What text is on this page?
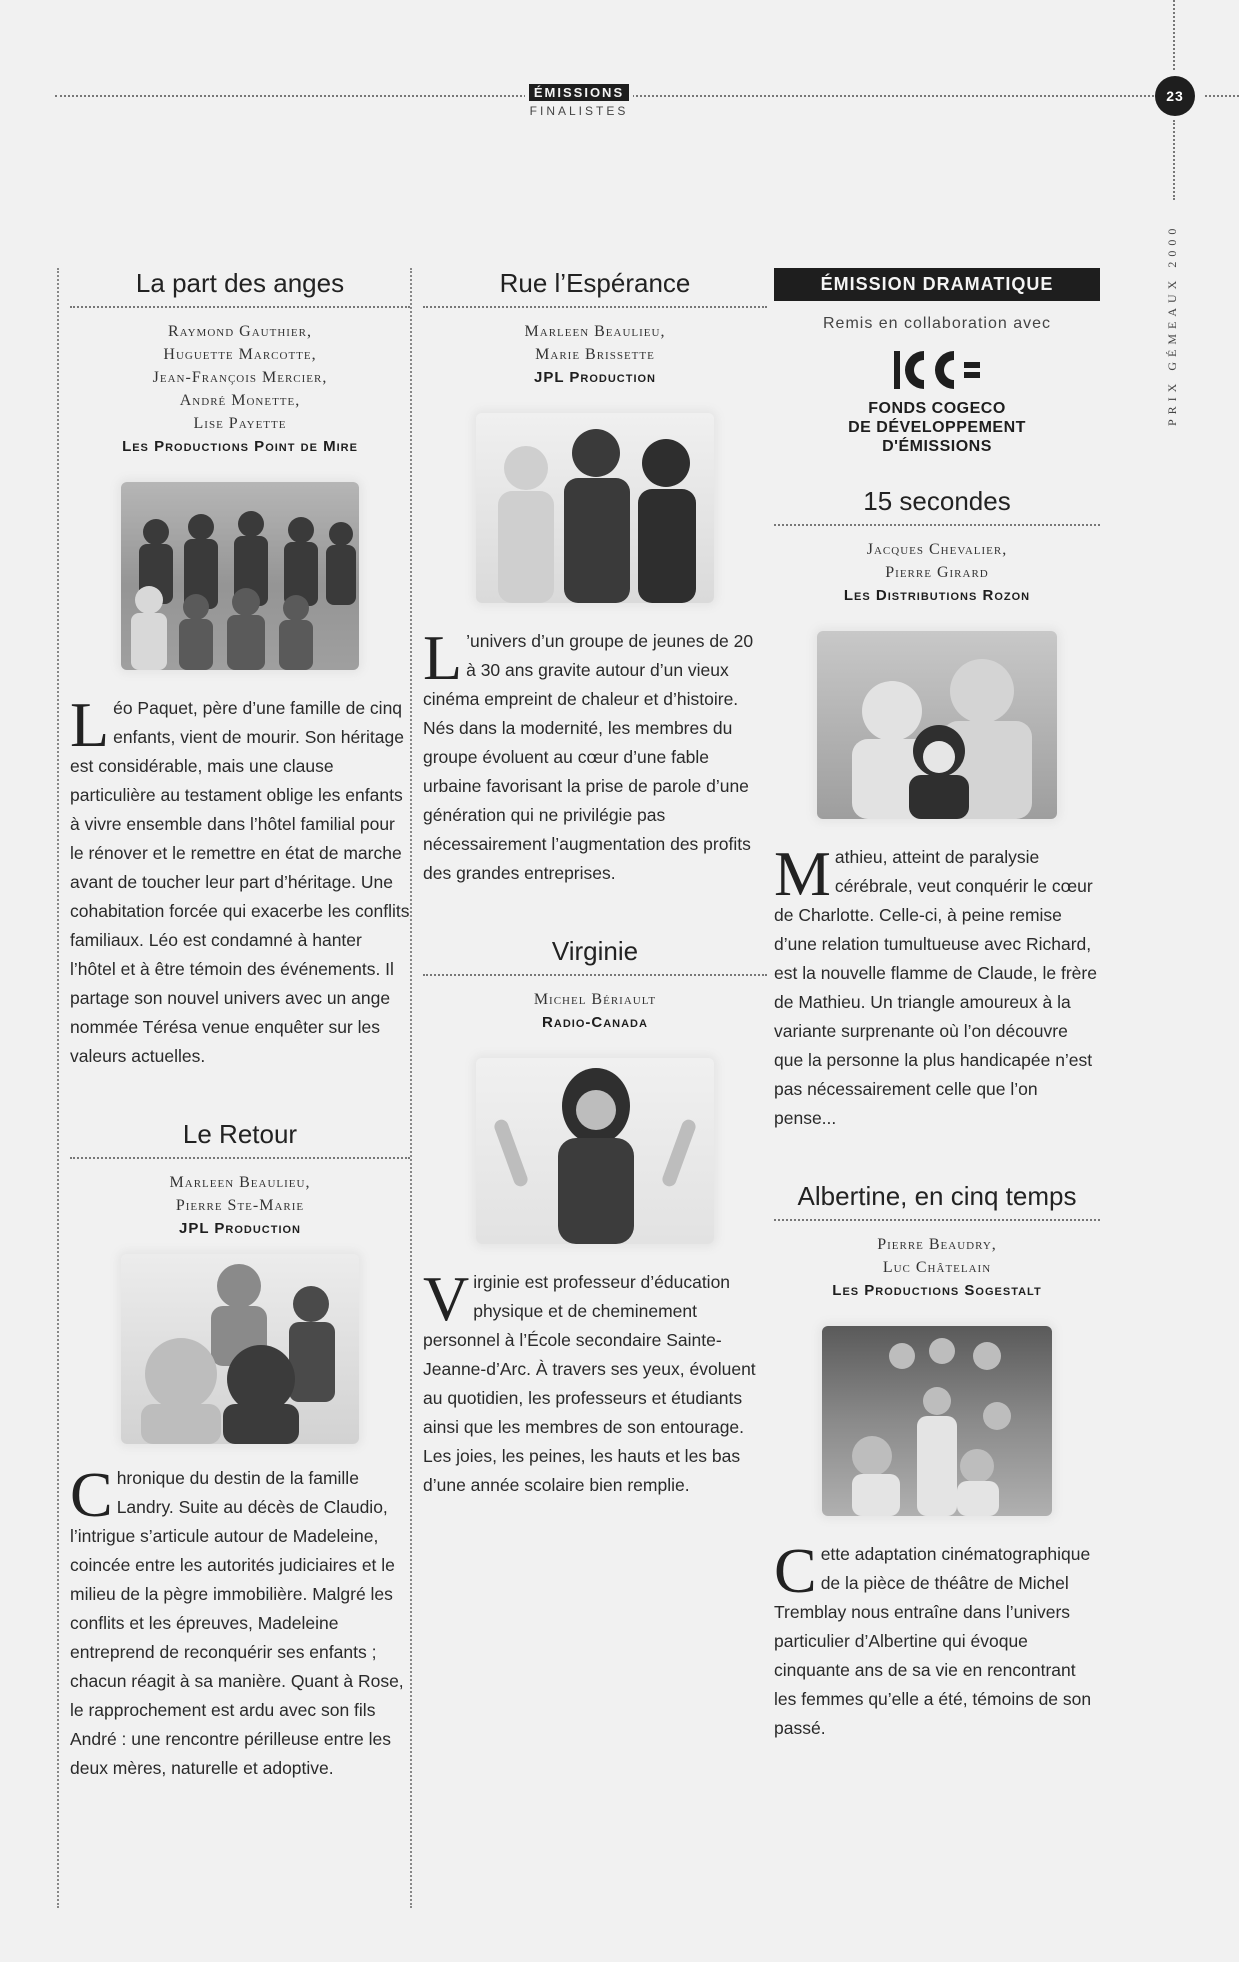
ÉMISSIONS
FINALISTES
23
PRIX GÉMEAUX 2000
La part des anges
Raymond Gauthier,
Huguette Marcotte,
Jean-François Mercier,
André Monette,
Lise Payette
Les Productions Point de Mire

Léo Paquet, père d’une famille de cinq enfants, vient de mourir. Son héritage est considérable, mais une clause particulière au testament oblige les enfants à vivre ensemble dans l’hôtel familial pour le rénover et le remettre en état de marche avant de toucher leur part d’héritage. Une cohabitation forcée qui exacerbe les conflits familiaux. Léo est condamné à hanter l’hôtel et à être témoin des événements. Il partage son nouvel univers avec un ange nommée Térésa venue enquêter sur les valeurs actuelles.

Le Retour
Marleen Beaulieu,
Pierre Ste-Marie
JPL Production

Chronique du destin de la famille Landry. Suite au décès de Claudio, l’intrigue s’articule autour de Madeleine, coincée entre les autorités judiciaires et le milieu de la pègre immobilière. Malgré les conflits et les épreuves, Madeleine entreprend de reconquérir ses enfants ; chacun réagit à sa manière. Quant à Rose, le rapprochement est ardu avec son fils André : une rencontre périlleuse entre les deux mères, naturelle et adoptive.

Rue l’Espérance
Marleen Beaulieu,
Marie Brissette
JPL Production

L ’univers d’un groupe de jeunes de 20 à 30 ans gravite autour d’un vieux cinéma empreint de chaleur et d’histoire. Nés dans la modernité, les membres du groupe évoluent au cœur d’une fable urbaine favorisant la prise de parole d’une génération qui ne privilégie pas nécessairement l’augmentation des profits des grandes entreprises.

Virginie
Michel Bériault
Radio-Canada

Virginie est professeur d’éducation physique et de cheminement personnel à l’École secondaire Sainte-Jeanne-d’Arc. À travers ses yeux, évoluent au quotidien, les professeurs et étudiants ainsi que les membres de son entourage. Les joies, les peines, les hauts et les bas d’une année scolaire bien remplie.

ÉMISSION DRAMATIQUE
Remis en collaboration avec
FONDS COGECO
DE DÉVELOPPEMENT
D'ÉMISSIONS
15 secondes
Jacques Chevalier,
Pierre Girard
Les Distributions Rozon

Mathieu, atteint de paralysie cérébrale, veut conquérir le cœur de Charlotte. Celle-ci, à peine remise d’une relation tumultueuse avec Richard, est la nouvelle flamme de Claude, le frère de Mathieu. Un triangle amoureux à la variante surprenante où l’on découvre que la personne la plus handicapée n’est pas nécessairement celle que l’on pense...

Albertine, en cinq temps
Pierre Beaudry,
Luc Châtelain
Les Productions Sogestalt

Cette adaptation cinématographique de la pièce de théâtre de Michel Tremblay nous entraîne dans l’univers particulier d’Albertine qui évoque cinquante ans de sa vie en rencontrant les femmes qu’elle a été, témoins de son passé.
